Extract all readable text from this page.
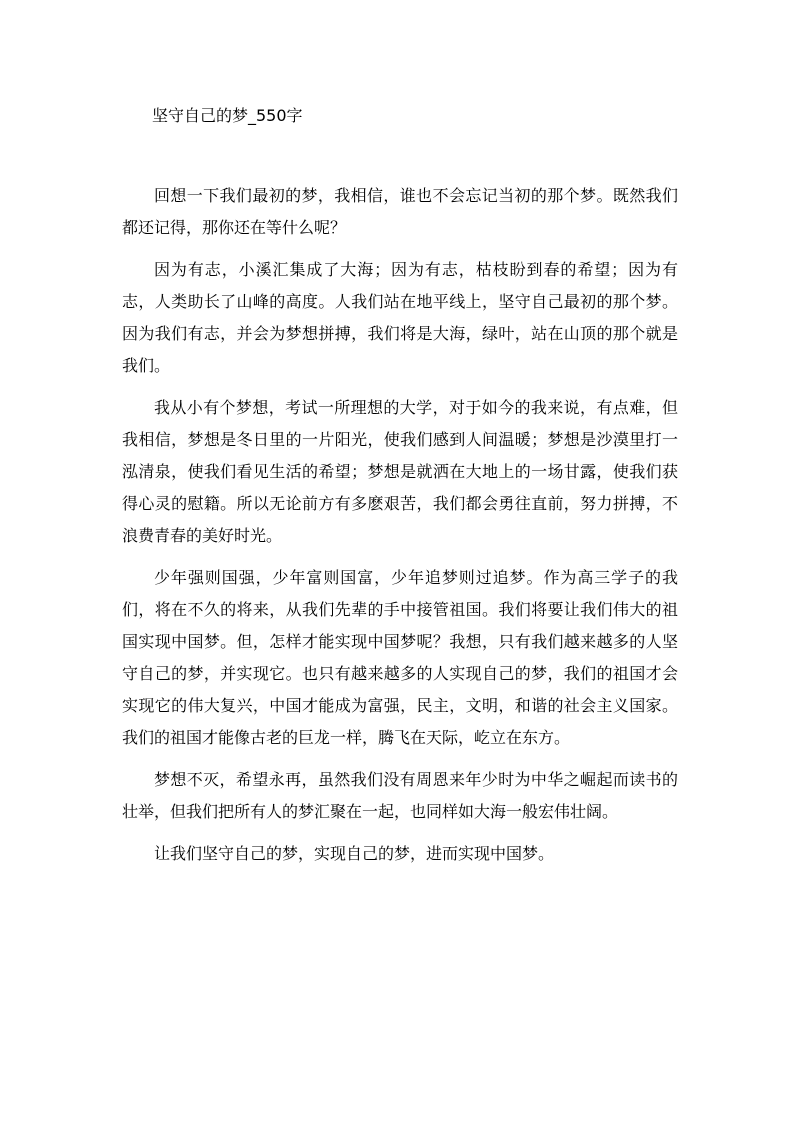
坚守自己的梦_550字

回想一下我们最初的梦，我相信，谁也不会忘记当初的那个梦。既然我们都还记得，那你还在等什么呢？

因为有志，小溪汇集成了大海；因为有志，枯枝盼到春的希望；因为有志，人类助长了山峰的高度。人我们站在地平线上，坚守自己最初的那个梦。因为我们有志，并会为梦想拼搏，我们将是大海，绿叶，站在山顶的那个就是我们。

我从小有个梦想，考试一所理想的大学，对于如今的我来说，有点难，但我相信，梦想是冬日里的一片阳光，使我们感到人间温暖；梦想是沙漠里打一泓清泉，使我们看见生活的希望；梦想是就洒在大地上的一场甘露，使我们获得心灵的慰籍。所以无论前方有多麽艰苦，我们都会勇往直前，努力拼搏，不浪费青春的美好时光。

少年强则国强，少年富则国富，少年追梦则过追梦。作为高三学子的我们，将在不久的将来，从我们先辈的手中接管祖国。我们将要让我们伟大的祖国实现中国梦。但，怎样才能实现中国梦呢？我想，只有我们越来越多的人坚守自己的梦，并实现它。也只有越来越多的人实现自己的梦，我们的祖国才会实现它的伟大复兴，中国才能成为富强，民主，文明，和谐的社会主义国家。我们的祖国才能像古老的巨龙一样，腾飞在天际，屹立在东方。

梦想不灭，希望永再，虽然我们没有周恩来年少时为中华之崛起而读书的壮举，但我们把所有人的梦汇聚在一起，也同样如大海一般宏伟壮阔。

让我们坚守自己的梦，实现自己的梦，进而实现中国梦。
